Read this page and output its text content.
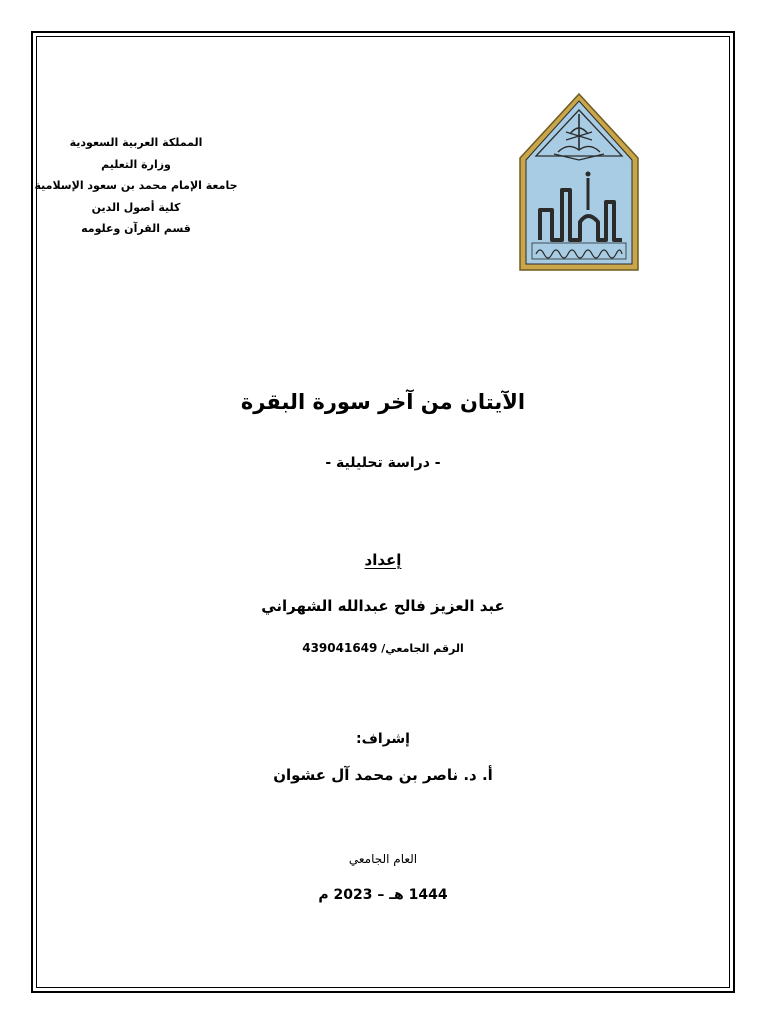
المملكة العربية السعودية
وزارة التعليم
جامعة الإمام محمد بن سعود الإسلامية
كلية أصول الدين
قسم القرآن وعلومه
الآيتان من آخر سورة البقرة
- دراسة تحليلية -
إعداد
عبد العزيز فالح عبدالله الشهراني
الرقم الجامعي/ 439041649
إشراف:
أ. د. ناصر بن محمد آل عشوان
العام الجامعي
1444 هـ – 2023 م
